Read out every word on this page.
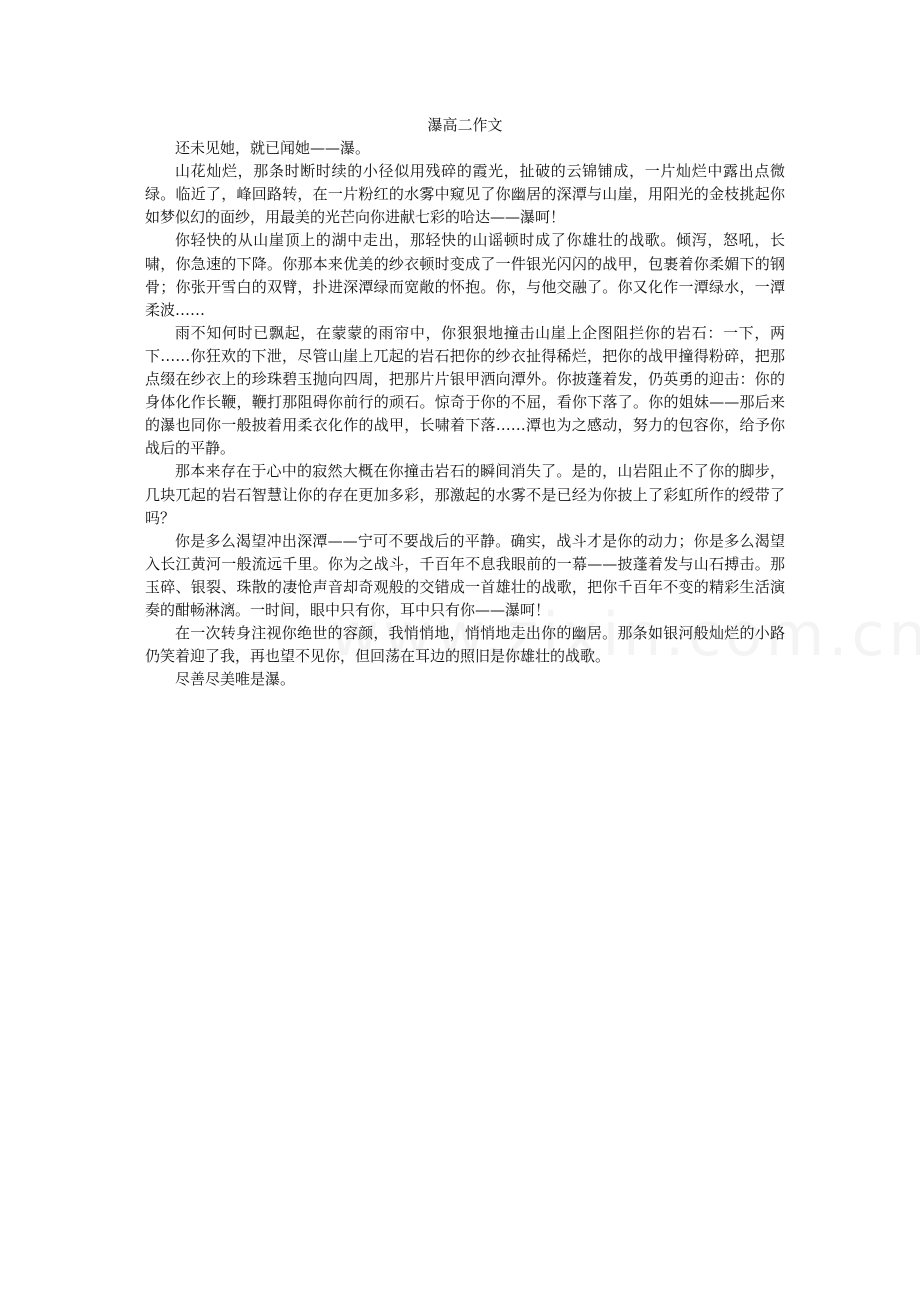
瀑高二作文

还未见她，就已闻她——瀑。

山花灿烂，那条时断时续的小径似用残碎的霞光，扯破的云锦铺成，一片灿烂中露出点微绿。临近了，峰回路转，在一片粉红的水雾中窥见了你幽居的深潭与山崖，用阳光的金枝挑起你如梦似幻的面纱，用最美的光芒向你进献七彩的哈达——瀑呵！

你轻快的从山崖顶上的湖中走出，那轻快的山谣顿时成了你雄壮的战歌。倾泻，怒吼，长啸，你急速的下降。你那本来优美的纱衣顿时变成了一件银光闪闪的战甲，包裹着你柔媚下的钢骨；你张开雪白的双臂，扑进深潭绿而宽敞的怀抱。你，与他交融了。你又化作一潭绿水，一潭柔波……

雨不知何时已飘起，在蒙蒙的雨帘中，你狠狠地撞击山崖上企图阻拦你的岩石：一下，两下……你狂欢的下泄，尽管山崖上兀起的岩石把你的纱衣扯得稀烂，把你的战甲撞得粉碎，把那点缀在纱衣上的珍珠碧玉抛向四周，把那片片银甲洒向潭外。你披蓬着发，仍英勇的迎击：你的身体化作长鞭，鞭打那阻碍你前行的顽石。惊奇于你的不屈，看你下落了。你的姐妹——那后来的瀑也同你一般披着用柔衣化作的战甲，长啸着下落……潭也为之感动，努力的包容你，给予你战后的平静。

那本来存在于心中的寂然大概在你撞击岩石的瞬间消失了。是的，山岩阻止不了你的脚步，几块兀起的岩石智慧让你的存在更加多彩，那激起的水雾不是已经为你披上了彩虹所作的绶带了吗？

你是多么渴望冲出深潭——宁可不要战后的平静。确实，战斗才是你的动力；你是多么渴望入长江黄河一般流远千里。你为之战斗，千百年不息我眼前的一幕——披蓬着发与山石搏击。那玉碎、银裂、珠散的凄怆声音却奇观般的交错成一首雄壮的战歌，把你千百年不变的精彩生活演奏的酣畅淋漓。一时间，眼中只有你，耳中只有你——瀑呵！

在一次转身注视你绝世的容颜，我悄悄地，悄悄地走出你的幽居。那条如银河般灿烂的小路仍笑着迎了我，再也望不见你，但回荡在耳边的照旧是你雄壮的战歌。

尽善尽美唯是瀑。
